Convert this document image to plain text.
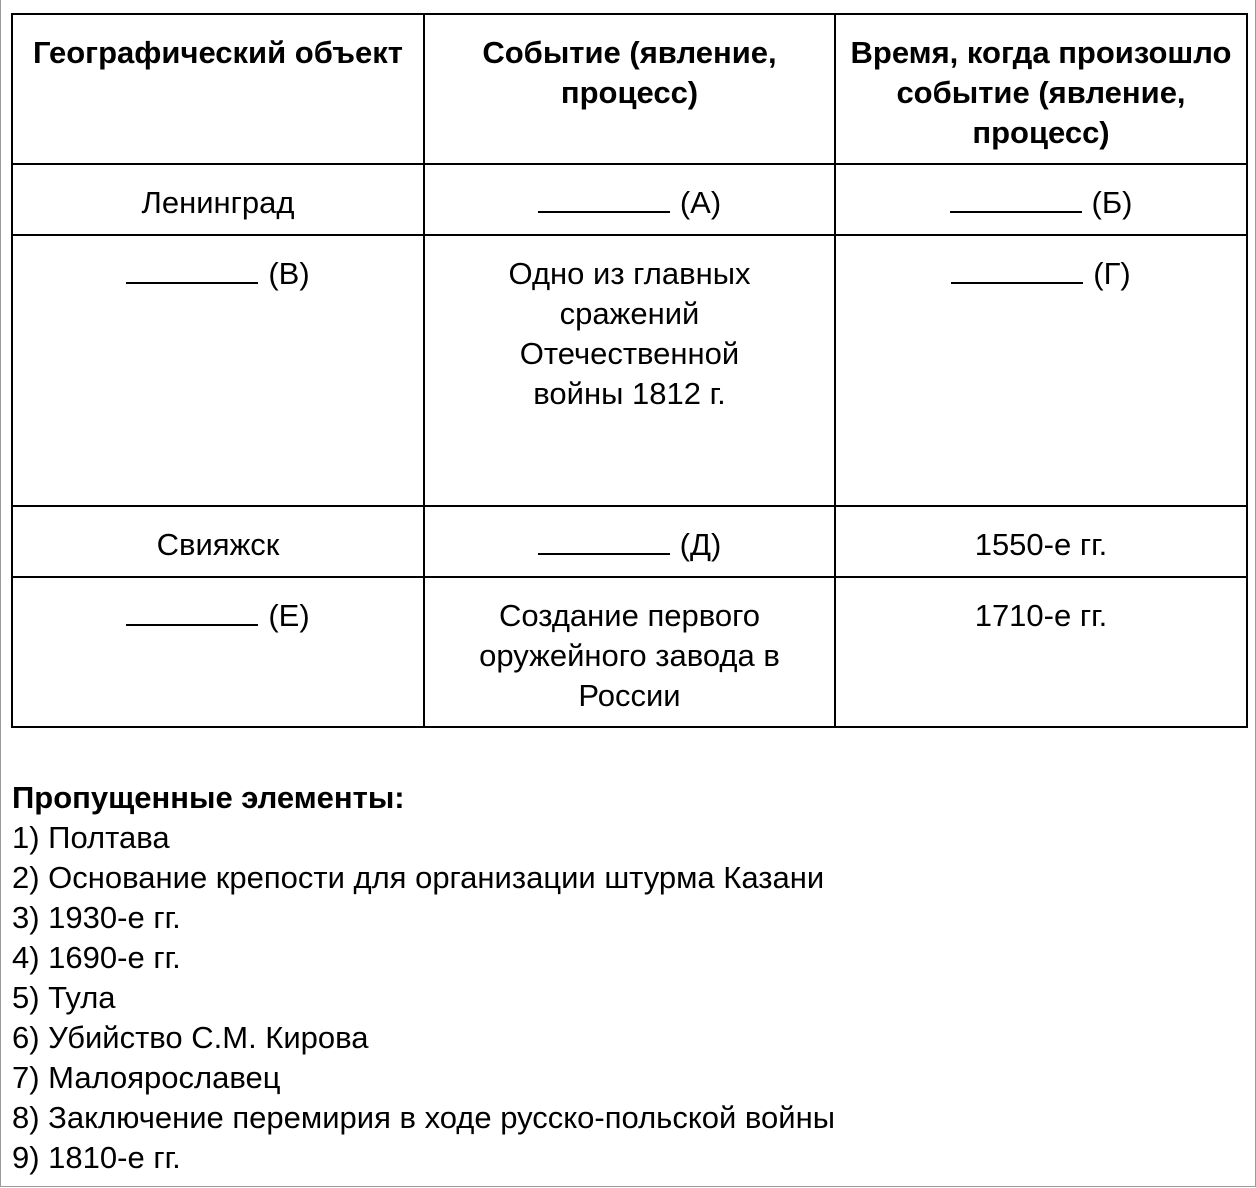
Географический объект	Событие (явление, процесс)	Время, когда произошло событие (явление, процесс)
Ленинград	(А)	(Б)
(В)	Одно из главных сражений Отечественной войны 1812 г.	(Г)
Свияжск	(Д)	1550-е гг.
(Е)	Создание первого оружейного завода в России	1710-е гг.
Пропущенные элементы:
1) Полтава
2) Основание крепости для организации штурма Казани
3) 1930-е гг.
4) 1690-е гг.
5) Тула
6) Убийство С.М. Кирова
7) Малоярославец
8) Заключение перемирия в ходе русско-польской войны
9) 1810-е гг.
